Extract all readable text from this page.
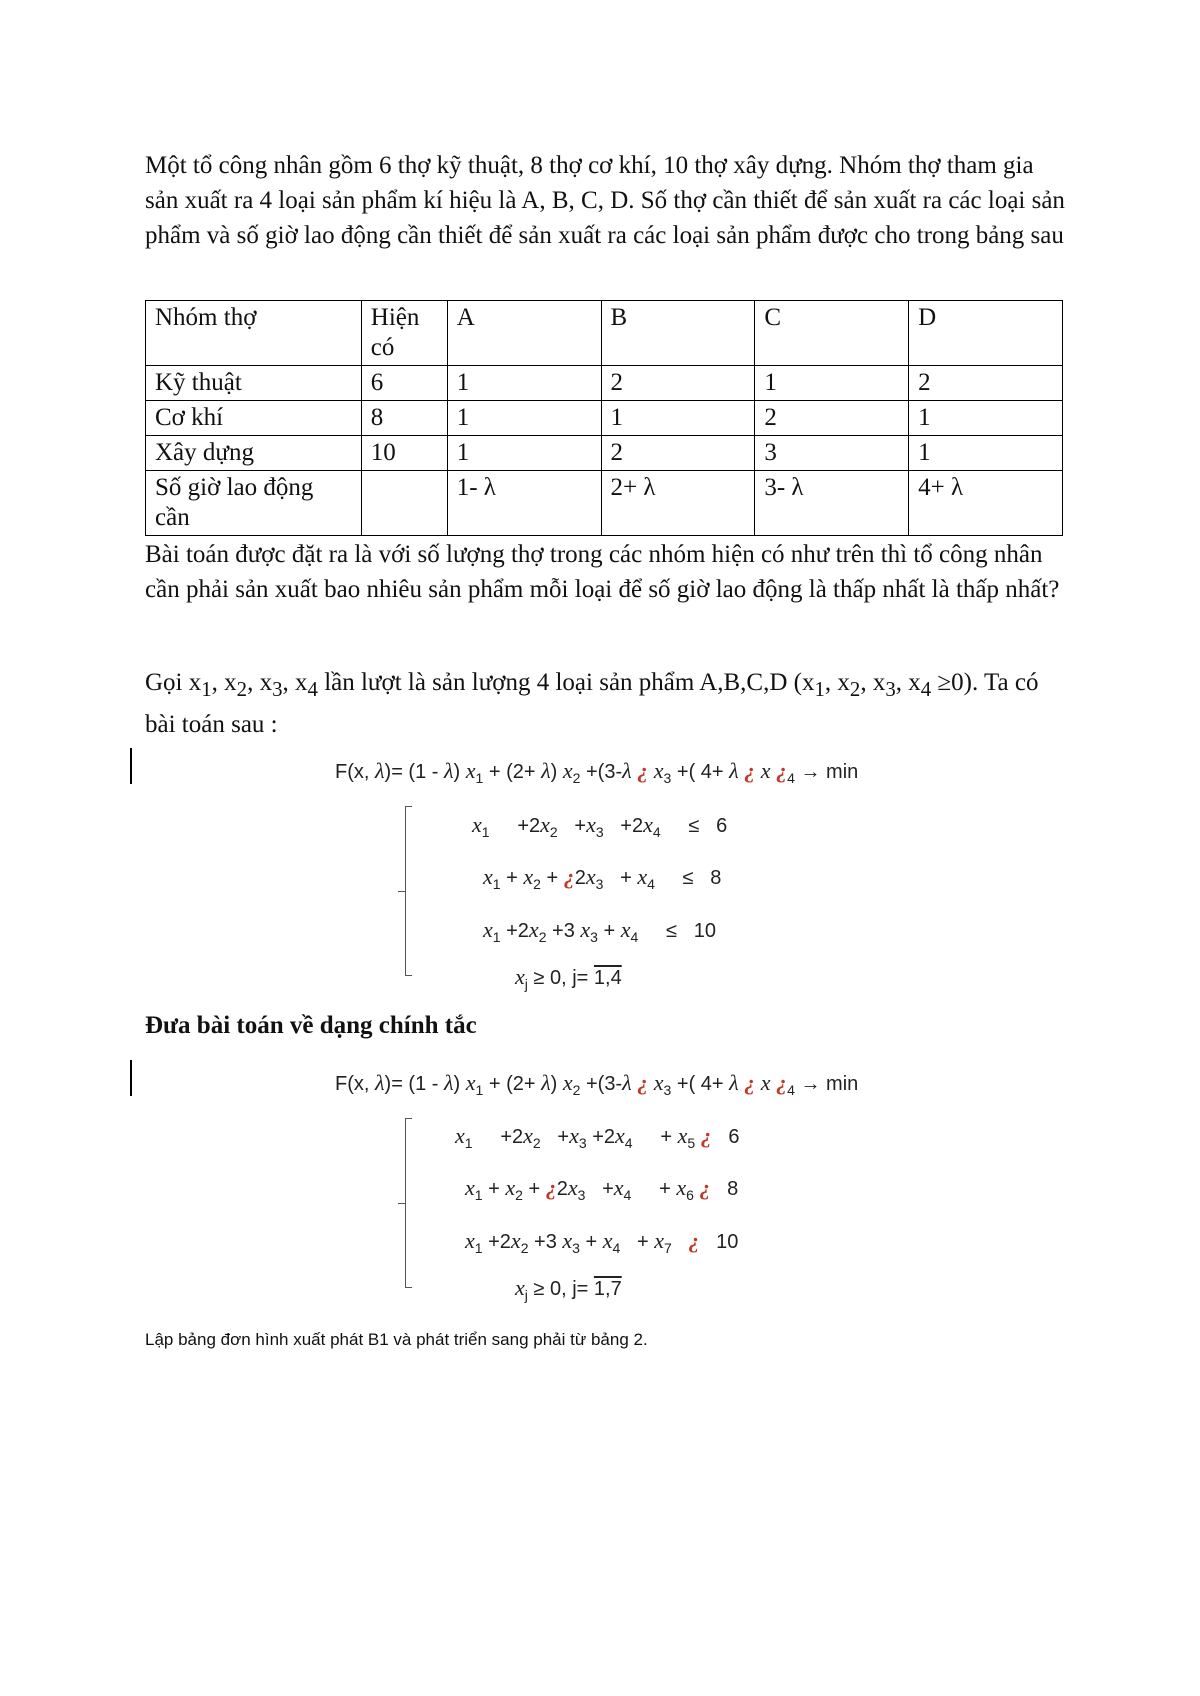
Một tổ công nhân gồm 6 thợ kỹ thuật, 8 thợ cơ khí, 10 thợ xây dựng. Nhóm thợ tham gia sản xuất ra 4 loại sản phẩm kí hiệu là A, B, C, D. Số thợ cần thiết để sản xuất ra các loại sản phẩm và số giờ lao động cần thiết để sản xuất ra các loại sản phẩm được cho trong bảng sau
Nhóm thợ	Hiện có	A	B	C	D
Kỹ thuật	6	1	2	1	2
Cơ khí	8	1	1	2	1
Xây dựng	10	1	2	3	1
Số giờ lao động cần		1- λ	2+ λ	3- λ	4+ λ
Bài toán được đặt ra là với số lượng thợ trong các nhóm hiện có như trên thì tổ công nhân cần phải sản xuất bao nhiêu sản phẩm mỗi loại để số giờ lao động là thấp nhất là thấp nhất?
Gọi $x_1$, $x_2$, $x_3$, $x_4$ lần lượt là sản lượng 4 loại sản phẩm A,B,C,D ($x_1$, $x_2$, $x_3$, $x_4 \ge 0$). Ta có bài toán sau :
F(x, λ)= (1 - λ) $x_1 + (2+ \lambda)$ $x_2 +(3-\lambda$ ¿ $x_3$ +( 4+ λ ¿ x ¿$_4 \to \min$
$x_1$     $+2x_2 +x_3 +2x_4$     ≤   6
$x_1 + x_2$ + ¿$2x_3 + x_4$     ≤   8
$x_1 +2x_2 +3$ $x_3 + x_4$     ≤   10
$x_j \ge 0$, j= 1,4
Đưa bài toán về dạng chính tắc
F(x, λ)= (1 - λ) $x_1 + (2+ \lambda)$ $x_2 +(3-\lambda$ ¿ $x_3$ +( 4+ λ ¿ x ¿$_4 \to \min$
$x_1$     $+2x_2 +x_3 +2x_4$     + $x_5$ ¿   6
$x_1 + x_2$ + ¿$2x_3 +x_4$     + $x_6$ ¿   8
$x_1 +2x_2 +3$ $x_3 + x_4 + x_7$ ¿   10
$x_j \ge 0$, j= 1,7
Lập bảng đơn hình xuất phát B1 và phát triển sang phải từ bảng 2.
